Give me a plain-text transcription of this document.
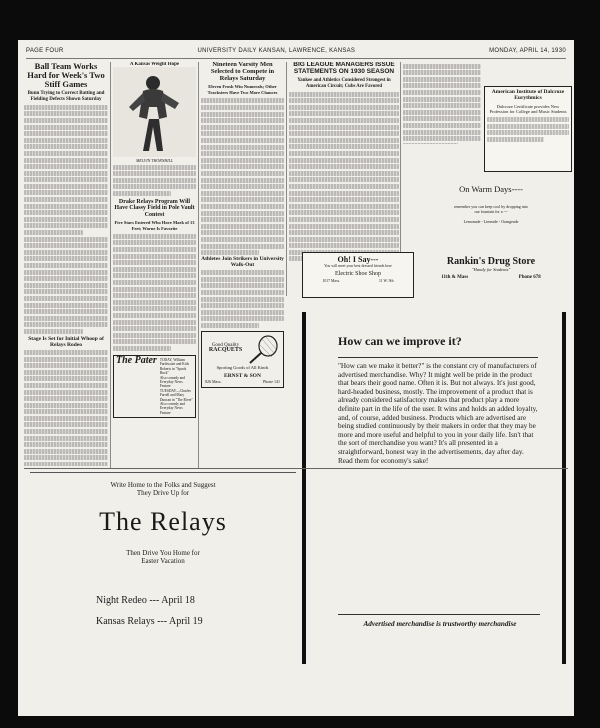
PAGE FOUR	UNIVERSITY DAILY KANSAN, LAWRENCE, KANSAS	MONDAY, APRIL 14, 1930
Ball Team Works Hard for Week's Two Stiff Games
Bunn Trying to Correct Batting and Fielding Defects Shown Saturday
Stage Is Set for Initial Whoop of Relays Rodeo
A Kansas Weight Hope
MELVIN THORNHILL
Drake Relays Program Will Have Classy Field in Pole Vault Contest
Five Stars Entered Who Have Mark of 13 Feet; Warne Is Favorite
The Pater TODAY, William Farthwaite and Kids Roberts in "Spook Ruck"
Also comedy and Everyday News Feature
TUESDAY—Charles Farrell and Mary Duncan in "The River"
Also comedy and Everyday News Feature
Nineteen Varsity Men Selected to Compete in Relays Saturday
Eleven Frosh Win Numerals; Other Tracksters Have Two More Chances
Athletes Join Strikers in University Walk-Out
Good Quality
RACQUETS
Sporting Goods of All Kinds
ERNST & SON
826 Mass.	Phone 141
BIG LEAGUE MANAGERS ISSUE STATEMENTS ON 1930 SEASON
Yankee and Athletics Considered Strongest in American Circuit; Cubs Are Favored
American Institute of Dalcroze Eurythmics
Dalcroze Certificate provides New Profession for College and Music Students
Oh! I Say---
You will meet your best dressed friends here
Electric Shoe Shop
1017 Mass.	11 W. 9th
On Warm Days----
remember you can keep cool by dropping into
our fountain for a ---
Lemonade - Limeade - Orangeade
Rankin's Drug Store
"Handy for Students"
11th & Mass	Phone 678
Write Home to the Folks and Suggest
They Drive Up for
The Relays
Then Drive You Home for
Easter Vacation
Night Redeo --- April 18
Kansas Relays --- April 19
How can we improve it?
"How can we make it better?" is the constant cry of manufacturers of advertised merchandise. Why? It might well be pride in the product that bears their good name. Often it is. But not always. It's just good, hard-headed business, mostly. The improvement of a product that is already considered satisfactory makes that product play a more definite part in the life of the user. It wins and holds an added loyalty, and, of course, added business. Products which are advertised are being studied continuously by their makers in order that they may be more and more useful and helpful to you in your daily life. Isn't that the sort of merchandise you want? It's all presented in a straightforward, honest way in the advertisements, day after day. Read them for economy's sake!
Advertised merchandise is trustworthy merchandise
